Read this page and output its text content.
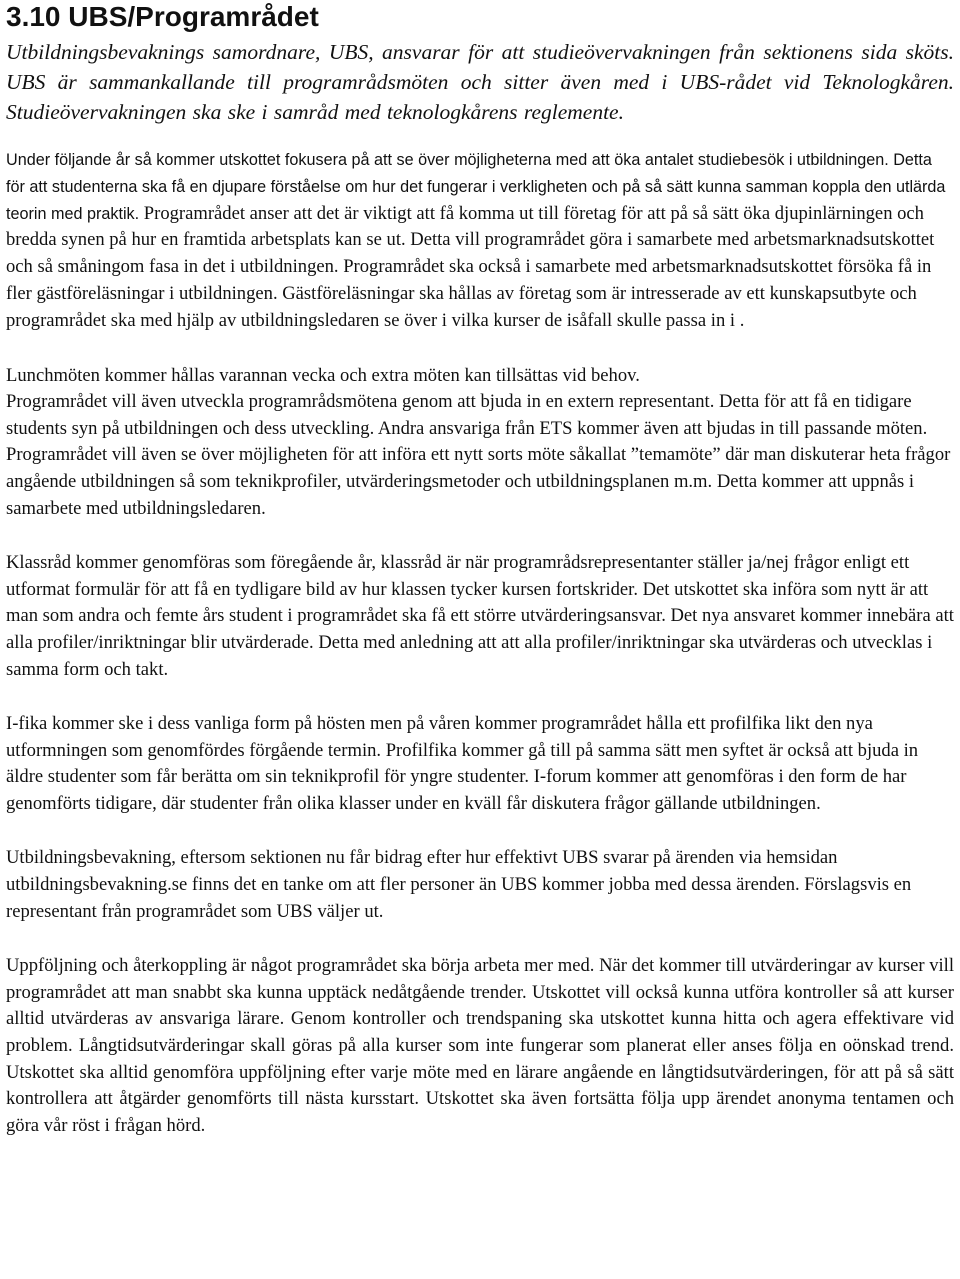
3.10 UBS/Programrådet

Utbildningsbevaknings samordnare, UBS, ansvarar för att studieövervakningen från sektionens sida sköts. UBS är sammankallande till programrådsmöten och sitter även med i UBS-rådet vid Teknologkåren. Studieövervakningen ska ske i samråd med teknologkårens reglemente.

Under följande år så kommer utskottet fokusera på att se över möjligheterna med att öka antalet studiebesök i utbildningen. Detta för att studenterna ska få en djupare förståelse om hur det fungerar i verkligheten och på så sätt kunna samman koppla den utlärda teorin med praktik. Programrådet anser att det är viktigt att få komma ut till företag för att på så sätt öka djupinlärningen och bredda synen på hur en framtida arbetsplats kan se ut. Detta vill programrådet göra i samarbete med arbetsmarknadsutskottet och så småningom fasa in det i utbildningen. Programrådet ska också i samarbete med arbetsmarknadsutskottet försöka få in fler gästföreläsningar i utbildningen. Gästföreläsningar ska hållas av företag som är intresserade av ett kunskapsutbyte och programrådet ska med hjälp av utbildningsledaren se över i vilka kurser de isåfall skulle passa in i .

Lunchmöten kommer hållas varannan vecka och extra möten kan tillsättas vid behov.

Programrådet vill även utveckla programrådsmötena genom att bjuda in en extern representant. Detta för att få en tidigare students syn på utbildningen och dess utveckling. Andra ansvariga från ETS kommer även att bjudas in till passande möten. Programrådet vill även se över möjligheten för att införa ett nytt sorts möte såkallat ”temamöte” där man diskuterar heta frågor angående utbildningen så som teknikprofiler, utvärderingsmetoder och utbildningsplanen m.m. Detta kommer att uppnås i samarbete med utbildningsledaren.

Klassråd kommer genomföras som föregående år, klassråd är när programrådsrepresentanter ställer ja/nej frågor enligt ett utformat formulär för att få en tydligare bild av hur klassen tycker kursen fortskrider. Det utskottet ska införa som nytt är att man som andra och femte års student i programrådet ska få ett större utvärderingsansvar. Det nya ansvaret kommer innebära att alla profiler/inriktningar blir utvärderade. Detta med anledning att att alla profiler/inriktningar ska utvärderas och utvecklas i samma form och takt.

I-fika kommer ske i dess vanliga form på hösten men på våren kommer programrådet hålla ett profilfika likt den nya utformningen som genomfördes förgående termin. Profilfika kommer gå till på samma sätt men syftet är också att bjuda in äldre studenter som får berätta om sin teknikprofil för yngre studenter. I-forum kommer att genomföras i den form de har genomförts tidigare, där studenter från olika klasser under en kväll får diskutera frågor gällande utbildningen.

Utbildningsbevakning, eftersom sektionen nu får bidrag efter hur effektivt UBS svarar på ärenden via hemsidan utbildningsbevakning.se finns det en tanke om att fler personer än UBS kommer jobba med dessa ärenden. Förslagsvis en representant från programrådet som UBS väljer ut.

Uppföljning och återkoppling är något programrådet ska börja arbeta mer med. När det kommer till utvärderingar av kurser vill programrådet att man snabbt ska kunna upptäck nedåtgående trender. Utskottet vill också kunna utföra kontroller så att kurser alltid utvärderas av ansvariga lärare. Genom kontroller och trendspaning ska utskottet kunna hitta och agera effektivare vid problem. Långtidsutvärderingar skall göras på alla kurser som inte fungerar som planerat eller anses följa en oönskad trend. Utskottet ska alltid genomföra uppföljning efter varje möte med en lärare angående en långtidsutvärderingen, för att på så sätt kontrollera att åtgärder genomförts till nästa kursstart. Utskottet ska även fortsätta följa upp ärendet anonyma tentamen och göra vår röst i frågan hörd.
